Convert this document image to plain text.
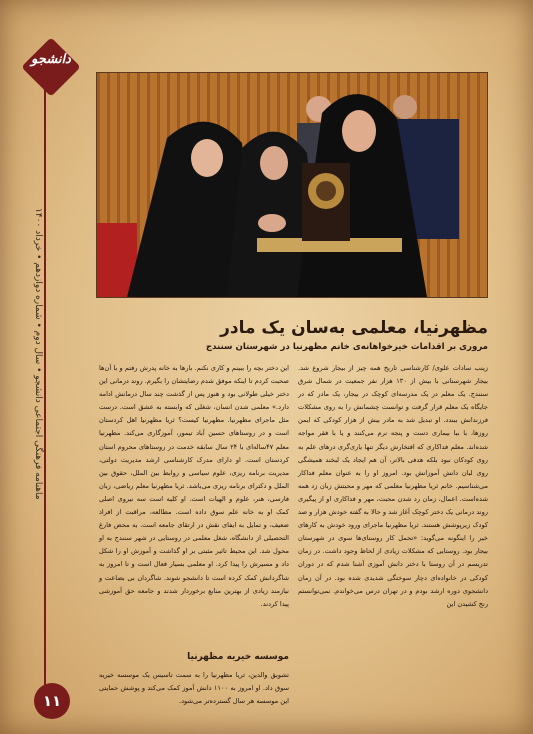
دانشجو
ماهنامه فرهنگی اجتماعی دانشجو • سال دوم • شماره دوازدهم • خرداد ۱۴۰۰	مظهرنیا، معلمی به‌سان یک مادر
مروری بر اقدامات خیرخواهانه‌ی خانم مظهرنیا در شهرستان سنندج
زینب سادات علوی/ کارشناسی تاریخ همه چیز از بیجار شروع شد. بیجار شهرستانی با بیش از ۱۳۰ هزار نفر جمعیت در شمال شرق سنندج. یک معلم در یک مدرسه‌ای کوچک در بیجار، یک مادر که در جایگاه یک معلم قرار گرفت و توانست چشمانش را به روی مشکلات فرزندانش ببندد. او تبدیل شد به مادر بیش از هزار کودکی که ایمن روزها، با ببا بیماری دست و پنجه نرم می‌کنند و یا با فقر مواجه شده‌اند. معلم فداکاری که افتخارش دیگر تنها یاری‌گری درهای علم به روی کودکان نبود بلکه هدفی بالاتر، آن هم ایجاد یک لبخند همیشگی روی لبان دانش آموزانش بود. امروز او را به عنوان معلم فداکار می‌شناسیم. خانم ثریا مظهرنیا معلمی که مهر و محبتش زبان زد همه شده‌است. اعمال، زمان رد شدن محبت، مهر و فداکاری او از پیگیری روند درمانی یک دختر کوچک آغاز شد و حالا به گفته خودش هزار و صد کودک زیرپوشش هستند. ثریا مظهرنیا ماجرای ورود خودش به کارهای خیر را اینگونه می‌گوید: «تحمل کار روستای‌ها سوی در شهرستان بیجار بود. روستایی که مشکلات زیادی از لحاظ وجود داشت. در زمان تدریسم در آن روستا با دختر دانش آموزی آشنا شدم که در دوران کودکی در خانواده‌ای دچار سوختگی شدیدی شده بود. در آن زمان دانشجوی دوره ارشد بودم و در تهران درس می‌خواندم. نمی‌توانستم رنج کشیدن این
این دختر بچه را ببینم و کاری نکنم. بارها به خانه پدرش رفتم و با آن‌ها صحبت کردم تا اینکه موفق شدم رضایتشان را بگیرم. روند درمانی این دختر خیلی طولانی بود و هنوز پس از گذشت چند سال درمانش ادامه دارد.» معلمی شدن انسان، شغلی که وابسته به عشق است. درست مثل ماجرای مظهرنیا. مظهرنیا کیست؟ ثریا مظهرنیا اهل کردستان است و در روستاهای حسین آباد تیمور، آموزگاری می‌کند. مظهرنیا معلم ۴۷ساله‌ای با ۲۴ سال سابقه خدمت در روستاهای محروم استان کردستان است. او دارای مدرک کارشناسی ارشد مدیریت دولتی، مدیریت برنامه ریزی، علوم سیاسی و روابط بین الملل، حقوق بین الملل و دکترای برنامه ریزی می‌باشد. ثریا مظهرنیا معلم ریاضی، زبان فارسی، هنر، علوم و الهیات است. او کلیه است سه نیروی اصلی کمک او به خانه علم سوق داده است. مطالعه، مراقبت از افراد ضعیف، و تمایل به ایفای نقش در ارتقای جامعه است. به محض فارغ التحصیلی از دانشگاه، شغل معلمی در روستایی در شهر سنندج به او محول شد. این محیط تاثیر مثبتی بر او گذاشت و آموزش او را شکل داد و مسیرش را پیدا کرد. او معلمی بسیار فعال است و تا امروز به شاگردانش کمک کرده است تا دانشجو شوند. شاگردان بی بضاعت و نیازمند زیادی از بهترین منابع برخوردار شدند و جامعه حق آموزشی پیدا کردند.
موسسه خیریه مظهرنیا
تشویق والدین، ثریا مظهرنیا را به سمت تاسیس یک موسسه خیریه سوق داد. او امروز به ۱۱۰۰ دانش آموز کمک می‌کند و پوشش حمایتی این موسسه هر سال گسترده‌تر می‌شود.
۱۱
